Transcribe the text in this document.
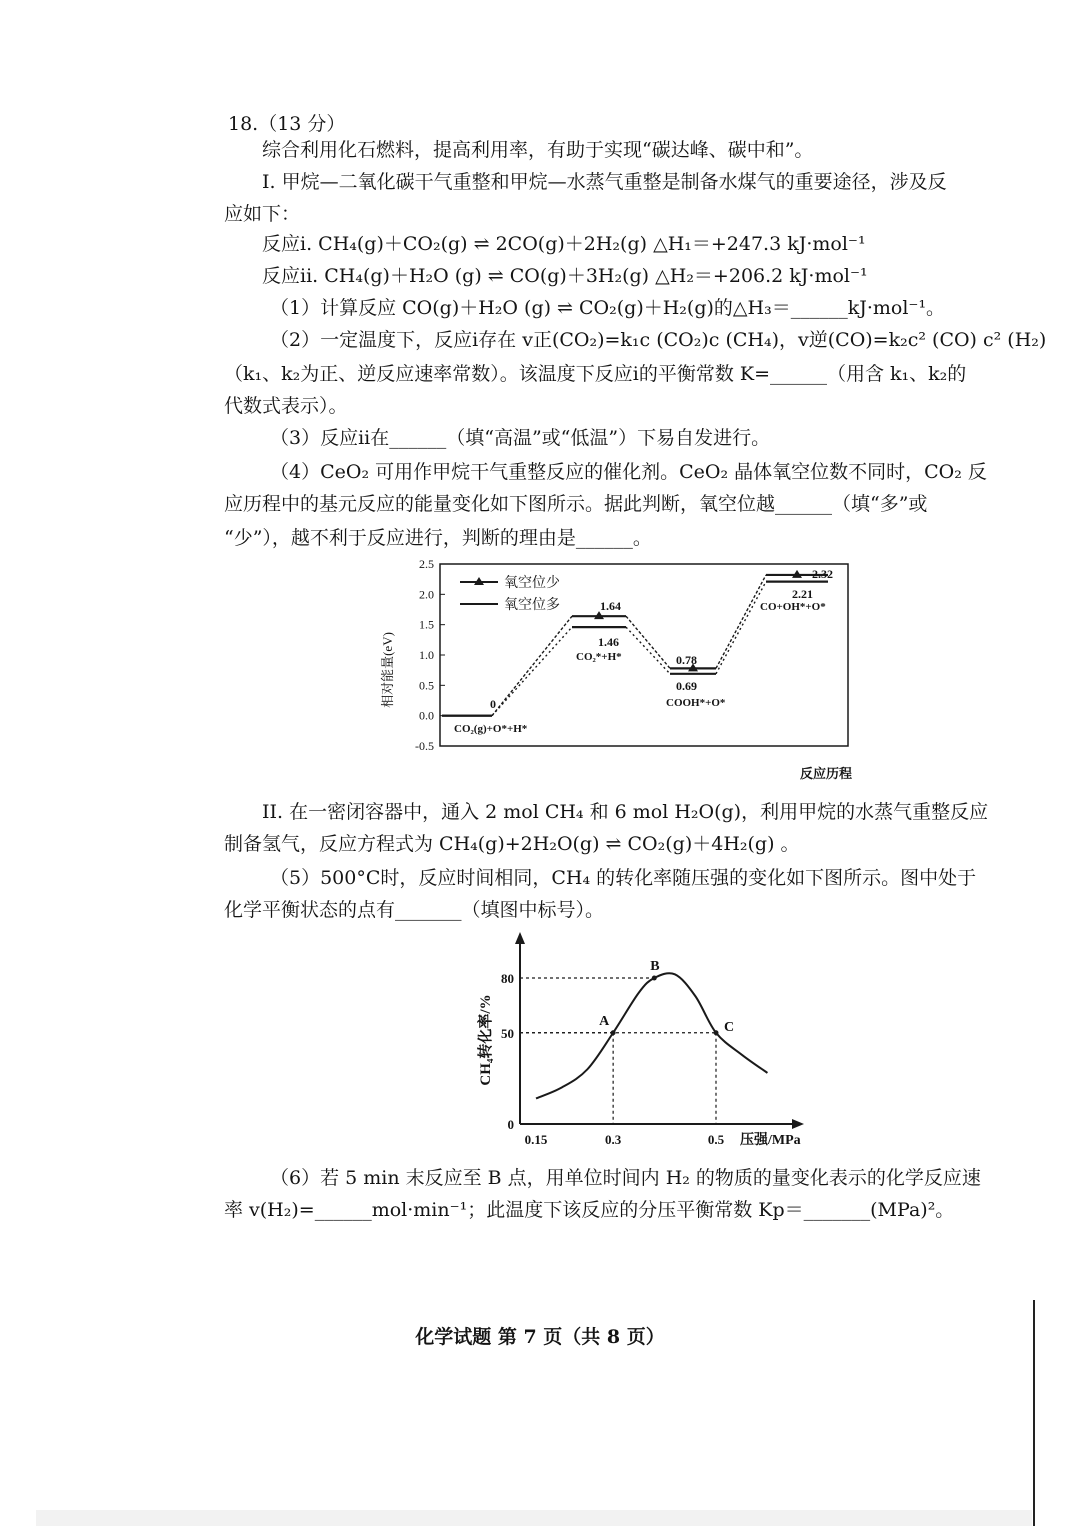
18.（13 分）
综合利用化石燃料，提高利用率，有助于实现“碳达峰、碳中和”。
I. 甲烷—二氧化碳干气重整和甲烷—水蒸气重整是制备水煤气的重要途径，涉及反
应如下：
反应i. CH₄(g)＋CO₂(g) ⇌ 2CO(g)＋2H₂(g) △H₁＝+247.3 kJ·mol⁻¹
反应ii. CH₄(g)＋H₂O (g) ⇌ CO(g)＋3H₂(g) △H₂＝+206.2 kJ·mol⁻¹
（1）计算反应 CO(g)＋H₂O (g) ⇌ CO₂(g)＋H₂(g)的△H₃＝______kJ·mol⁻¹。
（2）一定温度下，反应i存在 v正(CO₂)=k₁c (CO₂)c (CH₄)，v逆(CO)=k₂c² (CO) c² (H₂)
（k₁、k₂为正、逆反应速率常数）。该温度下反应i的平衡常数 K=______（用含 k₁、k₂的
代数式表示）。
（3）反应ii在______（填“高温”或“低温”）下易自发进行。
（4）CeO₂ 可用作甲烷干气重整反应的催化剂。CeO₂ 晶体氧空位数不同时，CO₂ 反
应历程中的基元反应的能量变化如下图所示。据此判断，氧空位越______（填“多”或
“少”），越不利于反应进行，判断的理由是______。
相对能量(eV)
2.5
2.0
1.5
1.0
0.5
0.0
-0.5
氧空位少
氧空位多	1.64
1.46
CO₂*+H*	0.78
0.69
COOH*+O*
2.21
CO+OH*+O*
2.32
0
CO₂(g)+O*+H*
反应历程
II. 在一密闭容器中，通入 2 mol CH₄ 和 6 mol H₂O(g)，利用甲烷的水蒸气重整反应
制备氢气，反应方程式为 CH₄(g)+2H₂O(g) ⇌ CO₂(g)＋4H₂(g) 。
（5）500°C时，反应时间相同，CH₄ 的转化率随压强的变化如下图所示。图中处于
化学平衡状态的点有_______（填图中标号）。
CH₄转化率/%
压强/MPa
0.15	0.3	0.5
0
50
80
A
B
C
（6）若 5 min 末反应至 B 点，用单位时间内 H₂ 的物质的量变化表示的化学反应速
率 v(H₂)=______mol·min⁻¹；此温度下该反应的分压平衡常数 Kp＝_______(MPa)²。
化学试题 第 7 页（共 8 页）
